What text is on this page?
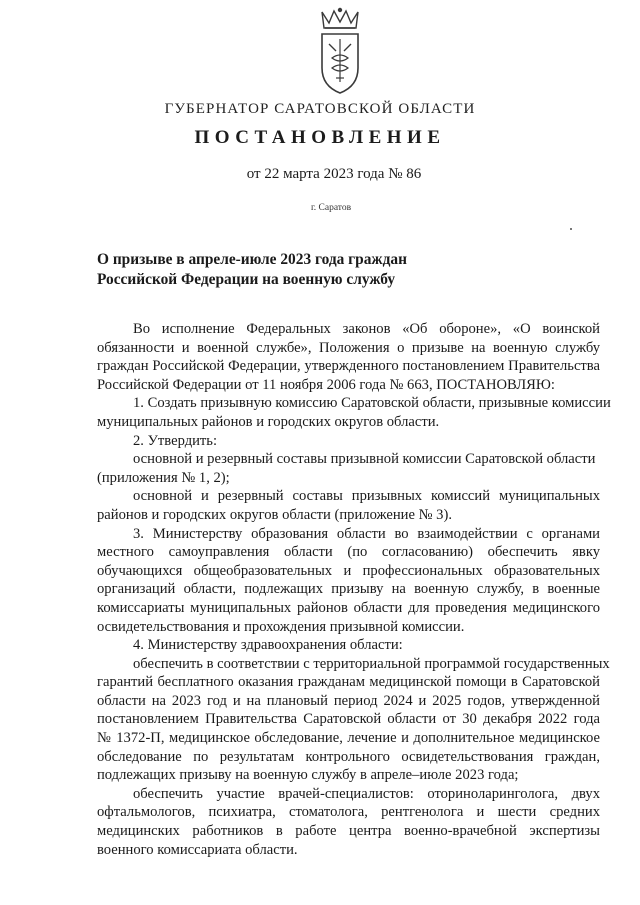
ГУБЕРНАТОР САРАТОВСКОЙ ОБЛАСТИ
ПОСТАНОВЛЕНИЕ
от 22 марта 2023 года № 86
г. Саратов
О призыве в апреле-июле 2023 года граждан
Российской Федерации на военную службу
Во исполнение Федеральных законов «Об обороне», «О воинской
обязанности и военной службе», Положения о призыве на военную службу
граждан Российской Федерации, утвержденного постановлением Правительства
Российской Федерации от 11 ноября 2006 года № 663, ПОСТАНОВЛЯЮ:
1. Создать призывную комиссию Саратовской области, призывные комиссии
муниципальных районов и городских округов области.
2. Утвердить:
основной и резервный составы призывной комиссии Саратовской области
(приложения № 1, 2);
основной и резервный составы призывных комиссий муниципальных
районов и городских округов области (приложение № 3).
3. Министерству образования области во взаимодействии с органами
местного самоуправления области (по согласованию) обеспечить явку
обучающихся общеобразовательных и профессиональных образовательных
организаций области, подлежащих призыву на военную службу, в военные
комиссариаты муниципальных районов области для проведения медицинского
освидетельствования и прохождения призывной комиссии.
4. Министерству здравоохранения области:
обеспечить в соответствии с территориальной программой государственных
гарантий бесплатного оказания гражданам медицинской помощи в Саратовской
области на 2023 год и на плановый период 2024 и 2025 годов, утвержденной
постановлением Правительства Саратовской области от 30 декабря 2022 года
№ 1372-П, медицинское обследование, лечение и дополнительное медицинское
обследование по результатам контрольного освидетельствования граждан,
подлежащих призыву на военную службу в апреле–июле 2023 года;
обеспечить участие врачей-специалистов: оториноларинголога, двух
офтальмологов, психиатра, стоматолога, рентгенолога и шести средних
медицинских работников в работе центра военно-врачебной экспертизы
военного комиссариата области.
